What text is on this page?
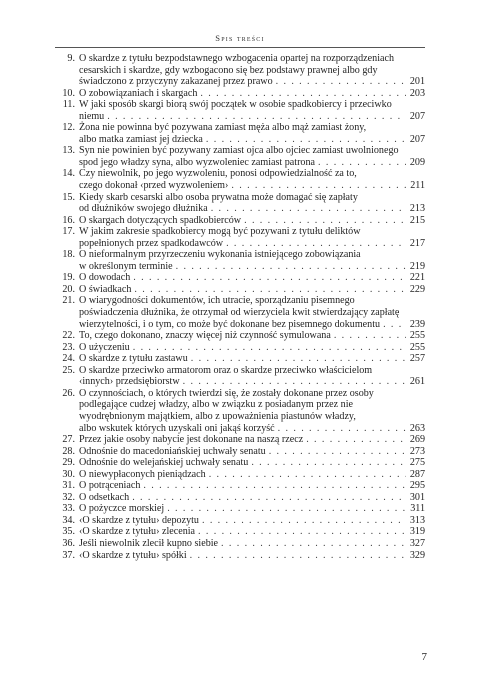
Spis treści
9. O skardze z tytułu bezpodstawnego wzbogacenia opartej na rozporządzeniach
cesarskich i skardze, gdy wzbogacono się bez podstawy prawnej albo gdy
świadczono z przyczyny zakazanej przez prawo . . .	201
10. O zobowiązaniach i skargach . . .	203
11. W jaki sposób skargi biorą swój początek w osobie spadkobiercy i przeciwko
niemu . . .	207
12. Żona nie powinna być pozywana zamiast męża albo mąż zamiast żony,
albo matka zamiast jej dziecka . . .	207
13. Syn nie powinien być pozywany zamiast ojca albo ojciec zamiast uwolnionego
spod jego władzy syna, albo wyzwoleniec zamiast patrona . . .	209
14. Czy niewolnik, po jego wyzwoleniu, ponosi odpowiedzialność za to,
czego dokonał ‹przed wyzwoleniem› . . .	211
15. Kiedy skarb cesarski albo osoba prywatna może domagać się zapłaty
od dłużników swojego dłużnika . . .	213
16. O skargach dotyczących spadkobierców . . .	215
17. W jakim zakresie spadkobiercy mogą być pozywani z tytułu deliktów
popełnionych przez spadkodawców . . .	217
18. O nieformalnym przyrzeczeniu wykonania istniejącego zobowiązania
w określonym terminie . . .	219
19. O dowodach . . .	221
20. O świadkach . . .	229
21. O wiarygodności dokumentów, ich utracie, sporządzaniu pisemnego
poświadczenia dłużnika, że otrzymał od wierzyciela kwit stwierdzający zapłatę
wierzytelności, i o tym, co może być dokonane bez pisemnego dokumentu . . .	239
22. To, czego dokonano, znaczy więcej niż czynność symulowana . . .	255
23. O użyczeniu . . .	255
24. O skardze z tytułu zastawu . . .	257
25. O skardze przeciwko armatorom oraz o skardze przeciwko właścicielom
‹innych› przedsiębiorstw . . .	261
26. O czynnościach, o których twierdzi się, że zostały dokonane przez osoby
podlegające cudzej władzy, albo w związku z posiadanym przez nie
wyodrębnionym majątkiem, albo z upoważnienia piastunów władzy,
albo wskutek których uzyskali oni jakąś korzyść . . .	263
27. Przez jakie osoby nabycie jest dokonane na naszą rzecz . . .	269
28. Odnośnie do macedoniańskiej uchwały senatu . . .	273
29. Odnośnie do welejańskiej uchwały senatu . . .	275
30. O niewypłaconych pieniądzach . . .	287
31. O potrąceniach . . .	295
32. O odsetkach . . .	301
33. O pożyczce morskiej . . .	311
34. ‹O skardze z tytułu› depozytu . . .	313
35. ‹O skardze z tytułu› zlecenia . . .	319
36. Jeśli niewolnik zlecił kupno siebie . . .	327
37. ‹O skardze z tytułu› spółki . . .	329
7
